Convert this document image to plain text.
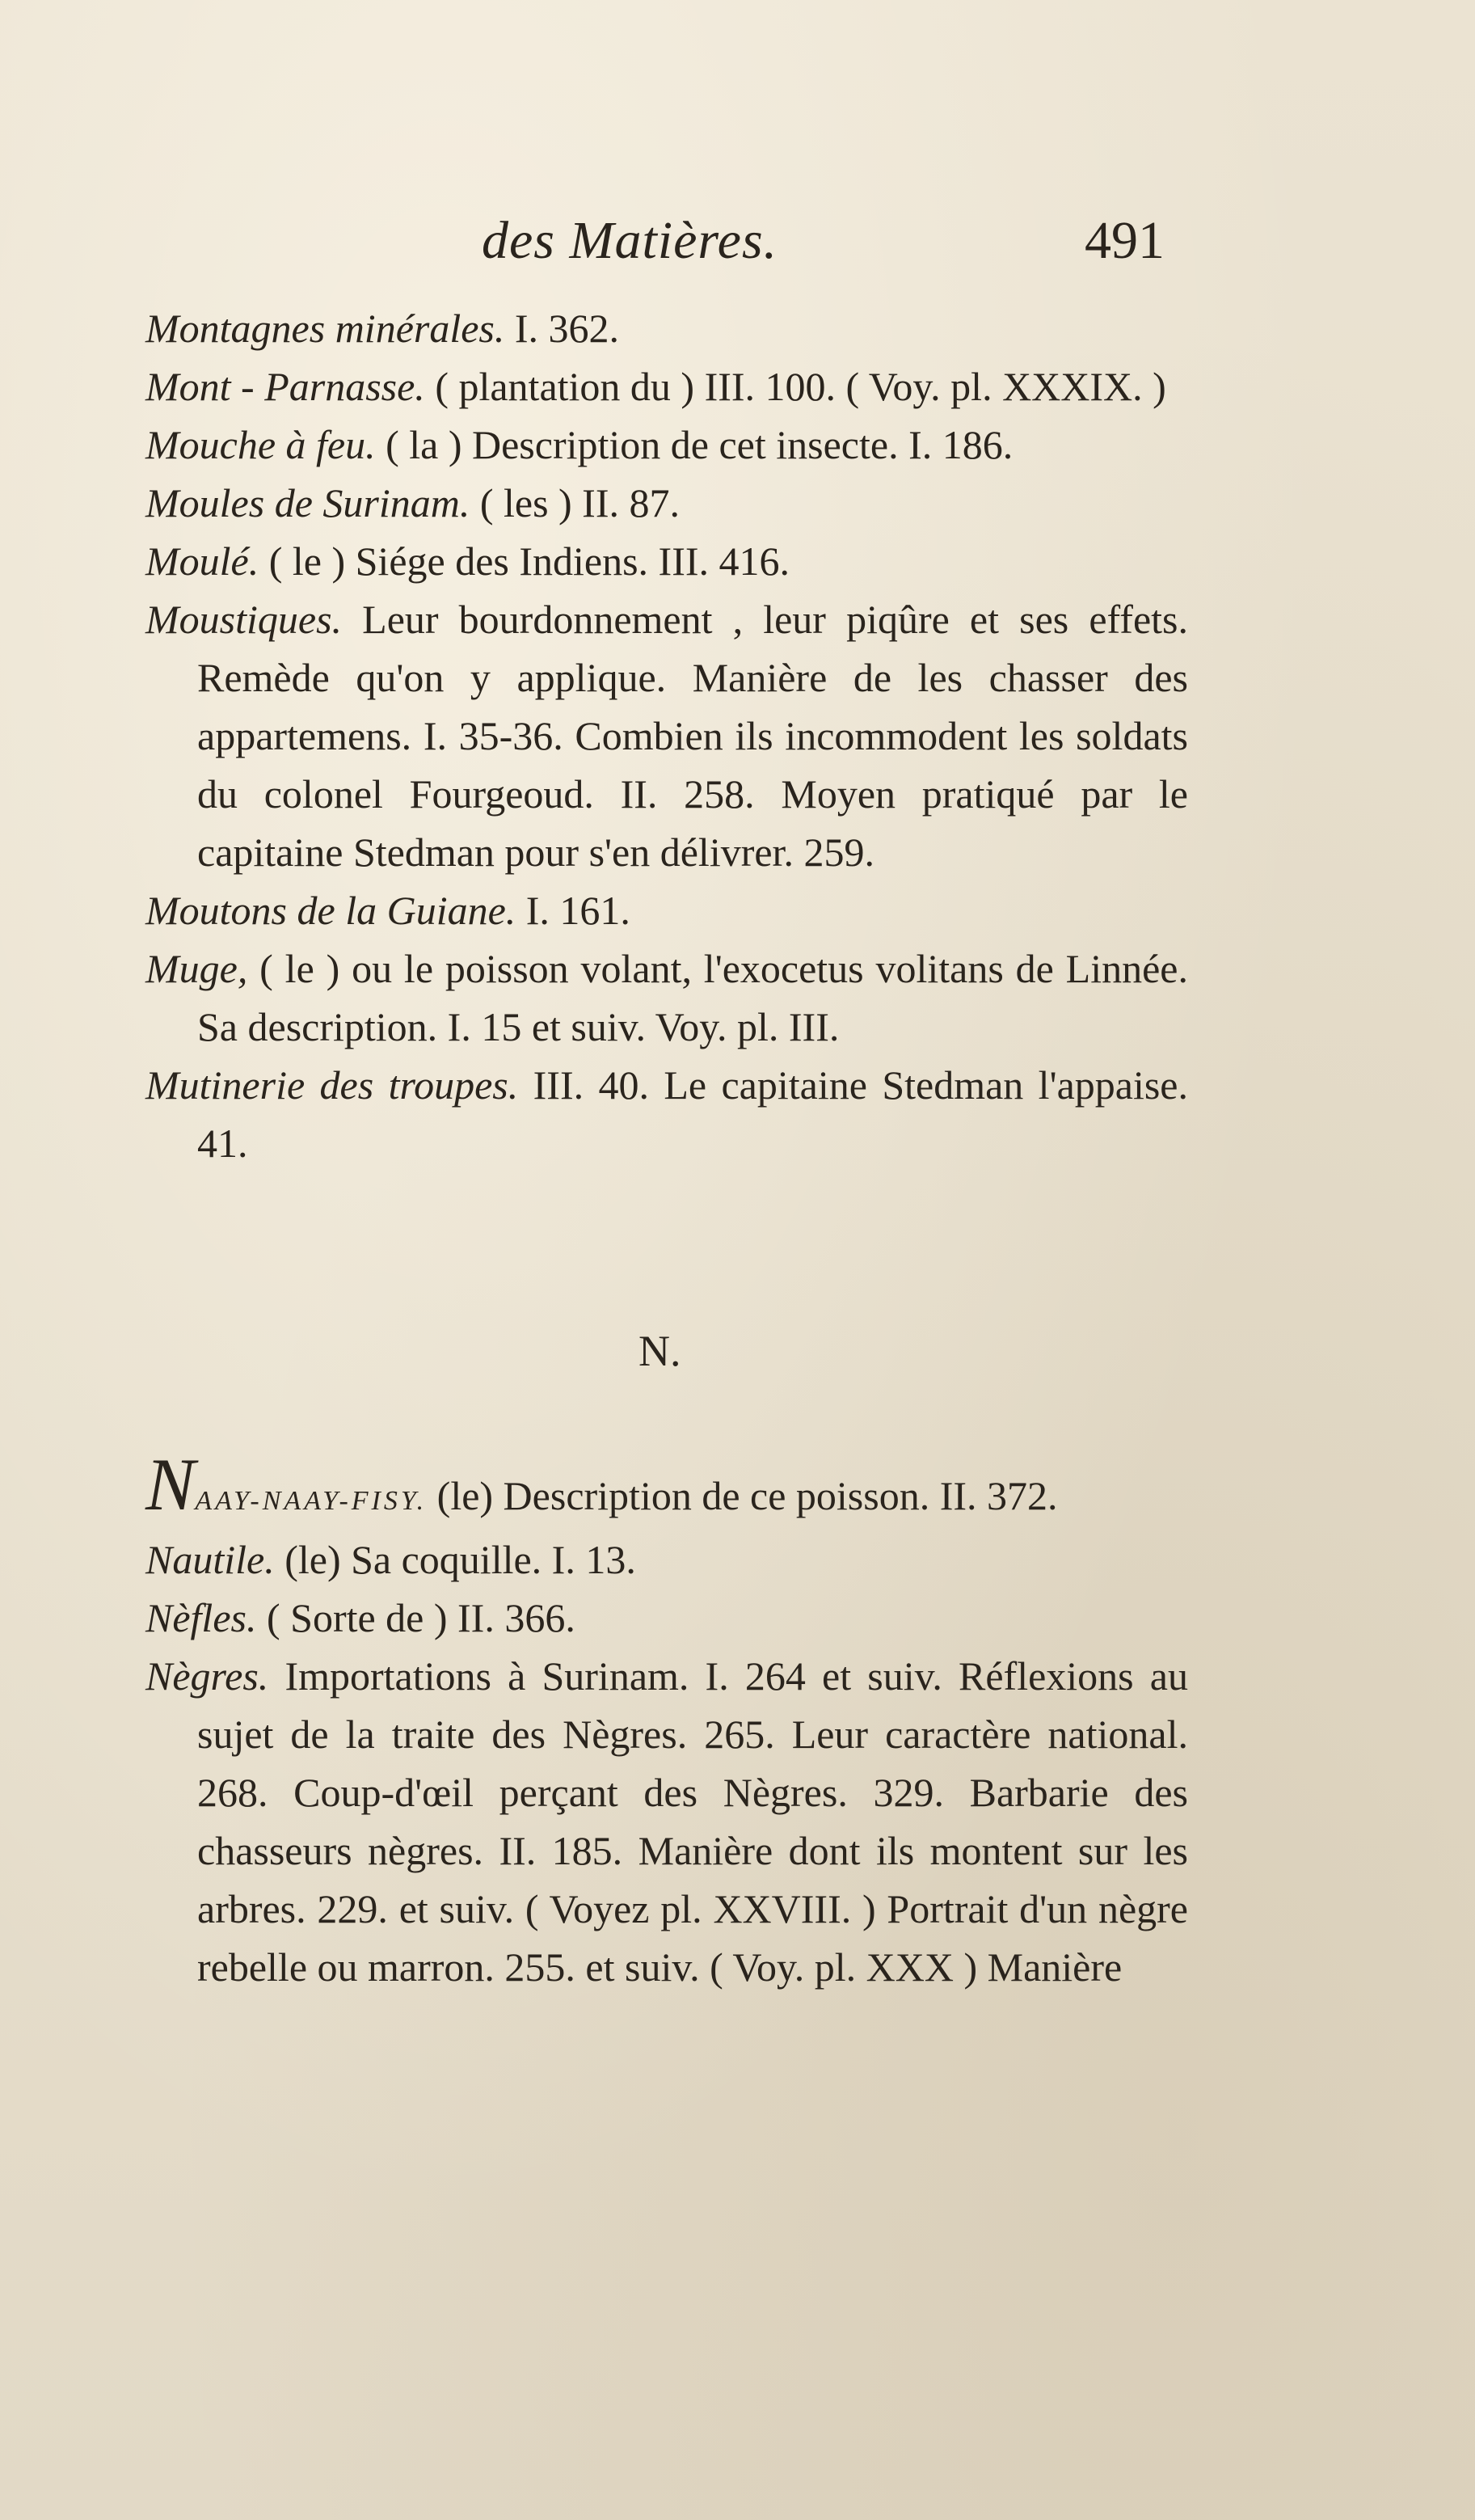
des Matières.	491

Montagnes minérales. I. 362.

Mont - Parnasse. ( plantation du ) III. 100. ( Voy. pl. XXXIX. )

Mouche à feu. ( la ) Description de cet insecte. I. 186.

Moules de Surinam. ( les ) II. 87.

Moulé. ( le ) Siége des Indiens. III. 416.

Moustiques. Leur bourdonnement , leur piqûre et ses effets. Remède qu'on y applique. Manière de les chasser des appartemens. I. 35-36. Combien ils incommodent les soldats du colonel Fourgeoud. II. 258. Moyen pratiqué par le capitaine Stedman pour s'en délivrer. 259.

Moutons de la Guiane. I. 161.

Muge, ( le ) ou le poisson volant, l'exocetus volitans de Linnée. Sa description. I. 15 et suiv. Voy. pl. III.

Mutinerie des troupes. III. 40. Le capitaine Stedman l'appaise. 41.

N.

NAAY-NAAY-FISY. (le) Description de ce poisson. II. 372.

Nautile. (le) Sa coquille. I. 13.

Nèfles. ( Sorte de ) II. 366.

Nègres. Importations à Surinam. I. 264 et suiv. Réflexions au sujet de la traite des Nègres. 265. Leur caractère national. 268. Coup-d'œil perçant des Nègres. 329. Barbarie des chasseurs nègres. II. 185. Manière dont ils montent sur les arbres. 229. et suiv. ( Voyez pl. XXVIII. ) Portrait d'un nègre rebelle ou marron. 255. et suiv. ( Voy. pl. XXX ) Manière
